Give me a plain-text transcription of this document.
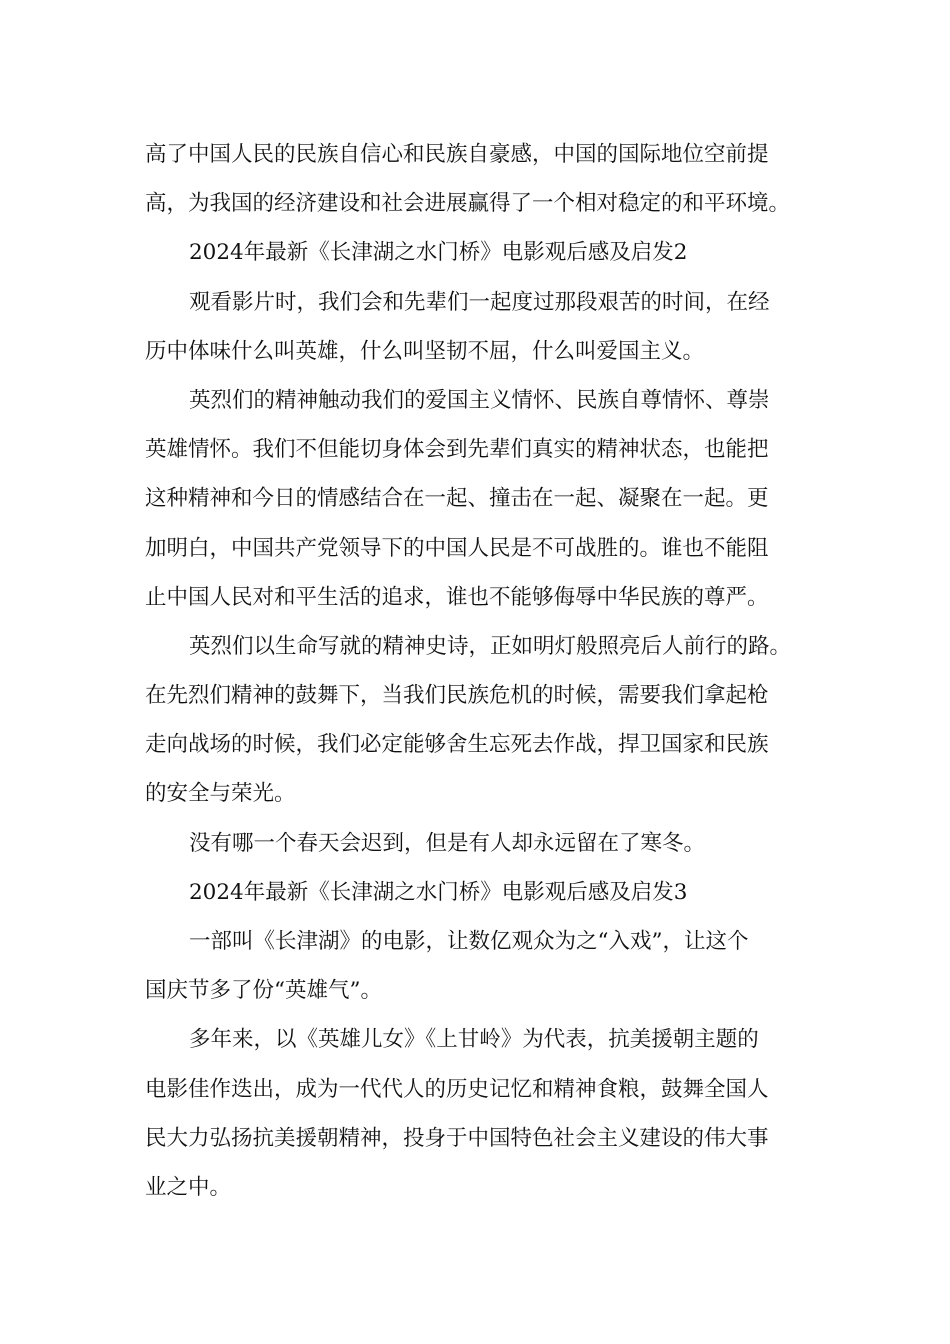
高了中国人民的民族自信心和民族自豪感，中国的国际地位空前提
高，为我国的经济建设和社会进展赢得了一个相对稳定的和平环境。
2024年最新《长津湖之水门桥》电影观后感及启发2
观看影片时，我们会和先辈们一起度过那段艰苦的时间，在经
历中体味什么叫英雄，什么叫坚韧不屈，什么叫爱国主义。
英烈们的精神触动我们的爱国主义情怀、民族自尊情怀、尊崇
英雄情怀。我们不但能切身体会到先辈们真实的精神状态，也能把
这种精神和今日的情感结合在一起、撞击在一起、凝聚在一起。更
加明白，中国共产党领导下的中国人民是不可战胜的。谁也不能阻
止中国人民对和平生活的追求，谁也不能够侮辱中华民族的尊严。
英烈们以生命写就的精神史诗，正如明灯般照亮后人前行的路。
在先烈们精神的鼓舞下，当我们民族危机的时候，需要我们拿起枪
走向战场的时候，我们必定能够舍生忘死去作战，捍卫国家和民族
的安全与荣光。
没有哪一个春天会迟到，但是有人却永远留在了寒冬。
2024年最新《长津湖之水门桥》电影观后感及启发3
一部叫《长津湖》的电影，让数亿观众为之“入戏”，让这个
国庆节多了份“英雄气”。
多年来，以《英雄儿女》《上甘岭》为代表，抗美援朝主题的
电影佳作迭出，成为一代代人的历史记忆和精神食粮，鼓舞全国人
民大力弘扬抗美援朝精神，投身于中国特色社会主义建设的伟大事
业之中。
